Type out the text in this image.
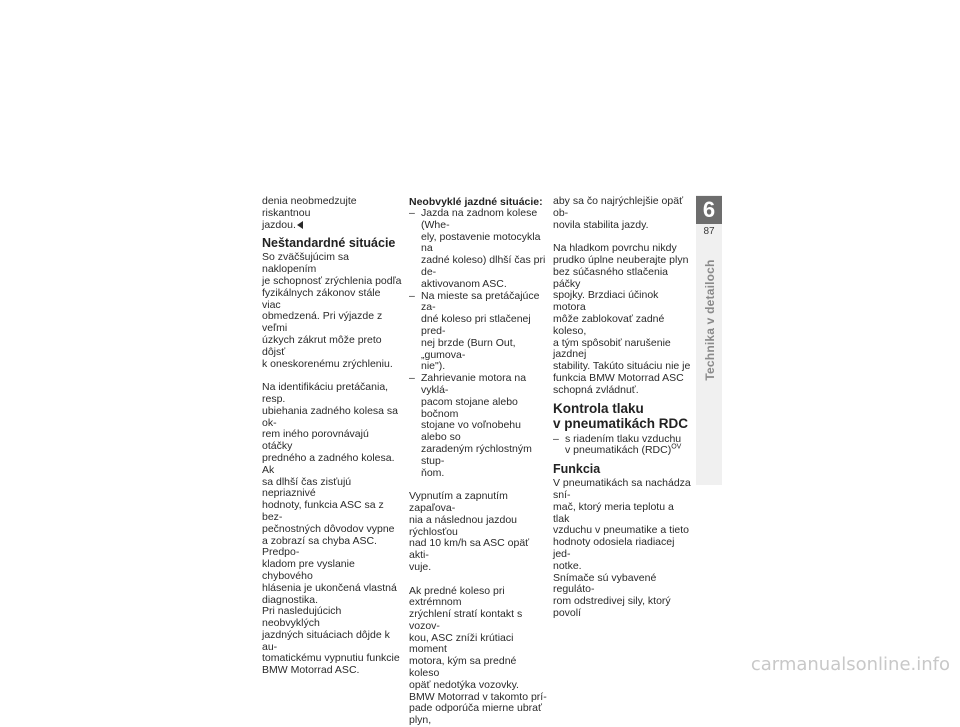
denia neobmedzujte riskantnou
jazdou.

Neštandardné situácie

So zväčšujúcim sa naklopením
je schopnosť zrýchlenia podľa
fyzikálnych zákonov stále viac
obmedzená. Pri výjazde z veľmi
úzkych zákrut môže preto dôjsť
k oneskorenému zrýchleniu.

Na identifikáciu pretáčania, resp.
ubiehania zadného kolesa sa ok-
rem iného porovnávajú otáčky
predného a zadného kolesa. Ak
sa dlhší čas zisťujú nepriaznivé
hodnoty, funkcia ASC sa z bez-
pečnostných dôvodov vypne
a zobrazí sa chyba ASC. Predpo-
kladom pre vyslanie chybového
hlásenia je ukončená vlastná
diagnostika.
Pri nasledujúcich neobvyklých
jazdných situáciach dôjde k au-
tomatickému vypnutiu funkcie
BMW Motorrad ASC.

Neobvyklé jazdné situácie:
– Jazda na zadnom kolese (Whe-
ely, postavenie motocykla na
zadné koleso) dlhší čas pri de-
aktivovanom ASC.
– Na mieste sa pretáčajúce za-
dné koleso pri stlačenej pred-
nej brzde (Burn Out, „gumova-
nie").
– Zahrievanie motora na vyklá-
pacom stojane alebo bočnom
stojane vo voľnobehu alebo so
zaradeným rýchlostným stup-
ňom.

Vypnutím a zapnutím zapaľova-
nia a následnou jazdou rýchlosťou
nad 10 km/h sa ASC opäť akti-
vuje.

Ak predné koleso pri extrémnom
zrýchlení stratí kontakt s vozov-
kou, ASC zníži krútiaci moment
motora, kým sa predné koleso
opäť nedotýka vozovky.
BMW Motorrad v takomto prí-
pade odporúča mierne ubrať plyn,

aby sa čo najrýchlejšie opäť ob-
novila stabilita jazdy.

Na hladkom povrchu nikdy
prudko úplne neuberajte plyn
bez súčasného stlačenia páčky
spojky. Brzdiaci účinok motora
môže zablokovať zadné koleso,
a tým spôsobiť narušenie jazdnej
stability. Takúto situáciu nie je
funkcia BMW Motorrad ASC
schopná zvládnuť.

Kontrola tlaku
v pneumatikách RDC
– s riadením tlaku vzduchu
v pneumatikách (RDC)$^{OV}$
Funkcia

V pneumatikách sa nachádza sní-
mač, ktorý meria teplotu a tlak
vzduchu v pneumatike a tieto
hodnoty odosiela riadiacej jed-
notke.
Snímače sú vybavené reguláto-
rom odstredivej sily, ktorý povolí

6
87
Technika v detailoch
carmanualsonline.info
